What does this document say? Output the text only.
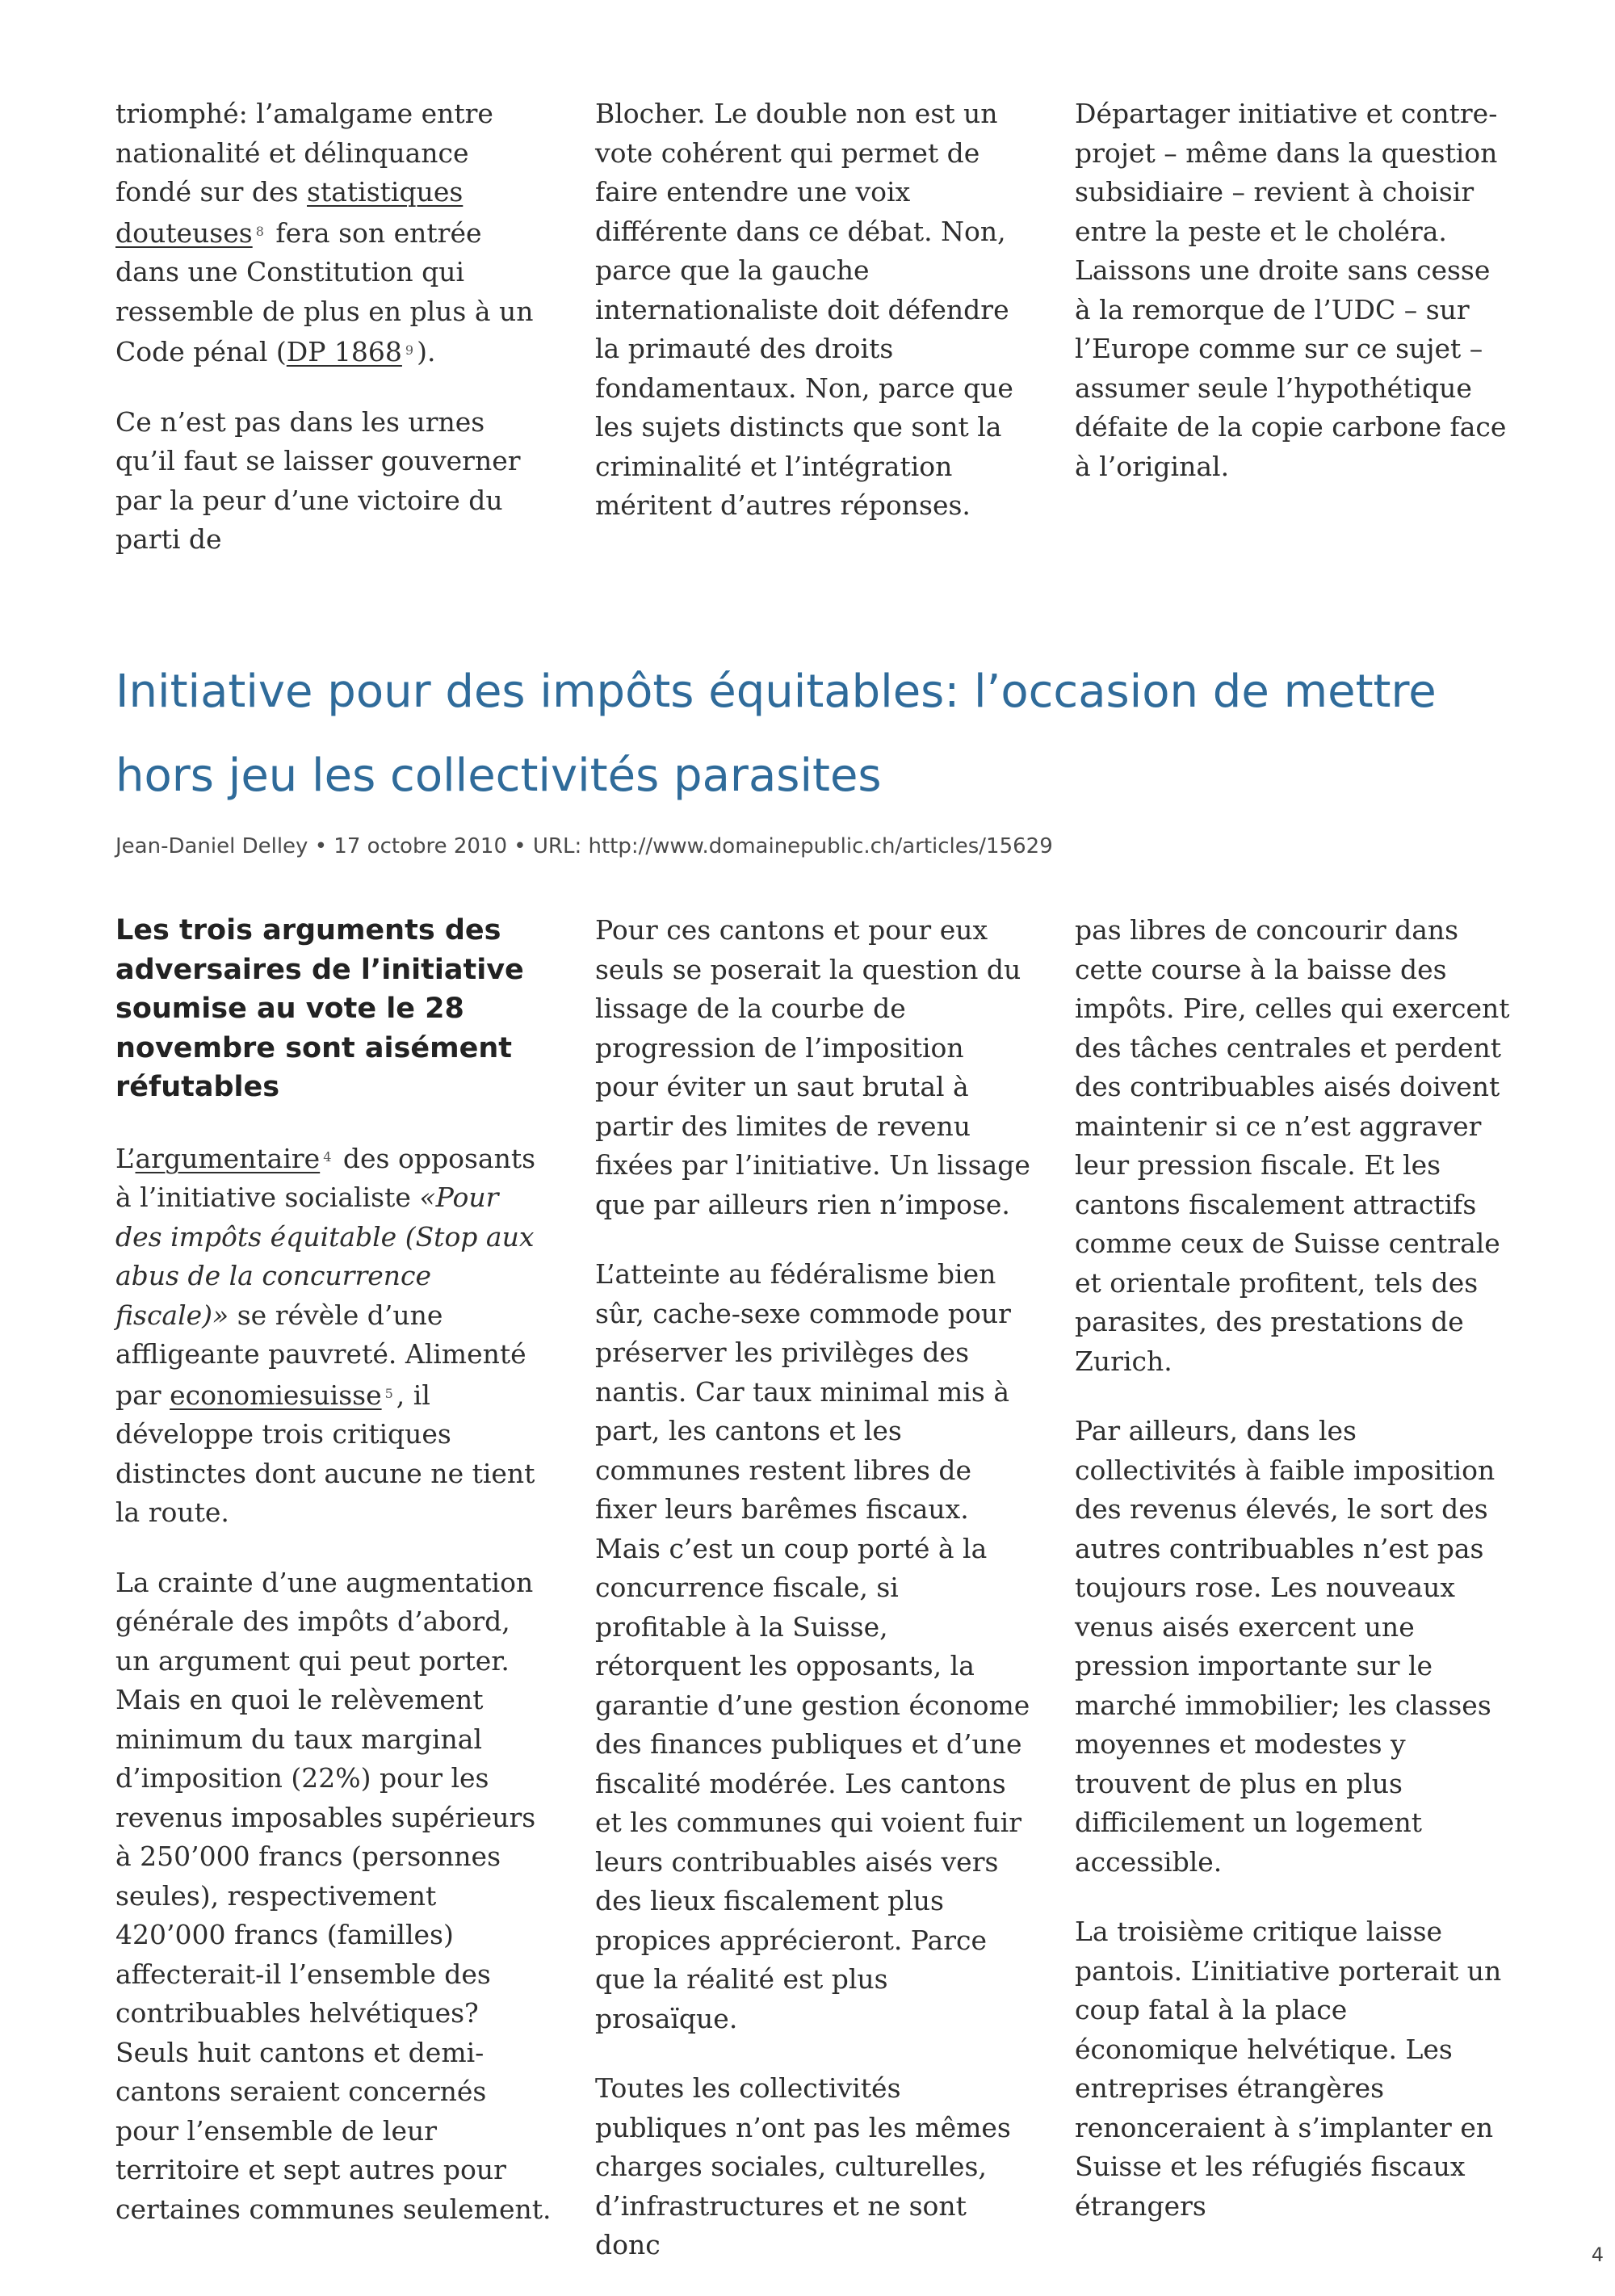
triomphé: l’amalgame entre nationalité et délinquance fondé sur des statistiques douteuses $^8$ fera son entrée dans une Constitution qui ressemble de plus en plus à un Code pénal (DP 1868 $^9$ ).

Ce n’est pas dans les urnes qu’il faut se laisser gouverner par la peur d’une victoire du parti de

Blocher. Le double non est un vote cohérent qui permet de faire entendre une voix différente dans ce débat. Non, parce que la gauche internationaliste doit défendre la primauté des droits fondamentaux. Non, parce que les sujets distincts que sont la criminalité et l’intégration méritent d’autres réponses.

Départager initiative et contre-projet – même dans la question subsidiaire – revient à choisir entre la peste et le choléra. Laissons une droite sans cesse à la remorque de l’UDC – sur l’Europe comme sur ce sujet – assumer seule l’hypothétique défaite de la copie carbone face à l’original.

Initiative pour des impôts équitables: l’occasion de mettre hors jeu les collectivités parasites

Jean-Daniel Delley • 17 octobre 2010 • URL: http://www.domainepublic.ch/articles/15629

Les trois arguments des adversaires de l’initiative soumise au vote le 28 novembre sont aisément réfutables

L’argumentaire $^4$ des opposants à l’initiative socialiste «Pour des impôts équitable (Stop aux abus de la concurrence fiscale)» se révèle d’une affligeante pauvreté. Alimenté par economiesuisse $^5$ , il développe trois critiques distinctes dont aucune ne tient la route.

La crainte d’une augmentation générale des impôts d’abord, un argument qui peut porter. Mais en quoi le relèvement minimum du taux marginal d’imposition (22%) pour les revenus imposables supérieurs à 250’000 francs (personnes seules), respectivement 420’000 francs (familles) affecterait-il l’ensemble des contribuables helvétiques? Seuls huit cantons et demi-cantons seraient concernés pour l’ensemble de leur territoire et sept autres pour certaines communes seulement.

Pour ces cantons et pour eux seuls se poserait la question du lissage de la courbe de progression de l’imposition pour éviter un saut brutal à partir des limites de revenu fixées par l’initiative. Un lissage que par ailleurs rien n’impose.

L’atteinte au fédéralisme bien sûr, cache-sexe commode pour préserver les privilèges des nantis. Car taux minimal mis à part, les cantons et les communes restent libres de fixer leurs barêmes fiscaux. Mais c’est un coup porté à la concurrence fiscale, si profitable à la Suisse, rétorquent les opposants, la garantie d’une gestion économe des finances publiques et d’une fiscalité modérée. Les cantons et les communes qui voient fuir leurs contribuables aisés vers des lieux fiscalement plus propices apprécieront. Parce que la réalité est plus prosaïque.

Toutes les collectivités publiques n’ont pas les mêmes charges sociales, culturelles, d’infrastructures et ne sont donc

pas libres de concourir dans cette course à la baisse des impôts. Pire, celles qui exercent des tâches centrales et perdent des contribuables aisés doivent maintenir si ce n’est aggraver leur pression fiscale. Et les cantons fiscalement attractifs comme ceux de Suisse centrale et orientale profitent, tels des parasites, des prestations de Zurich.

Par ailleurs, dans les collectivités à faible imposition des revenus élevés, le sort des autres contribuables n’est pas toujours rose. Les nouveaux venus aisés exercent une pression importante sur le marché immobilier; les classes moyennes et modestes y trouvent de plus en plus difficilement un logement accessible.

La troisième critique laisse pantois. L’initiative porterait un coup fatal à la place économique helvétique. Les entreprises étrangères renonceraient à s’implanter en Suisse et les réfugiés fiscaux étrangers

4
